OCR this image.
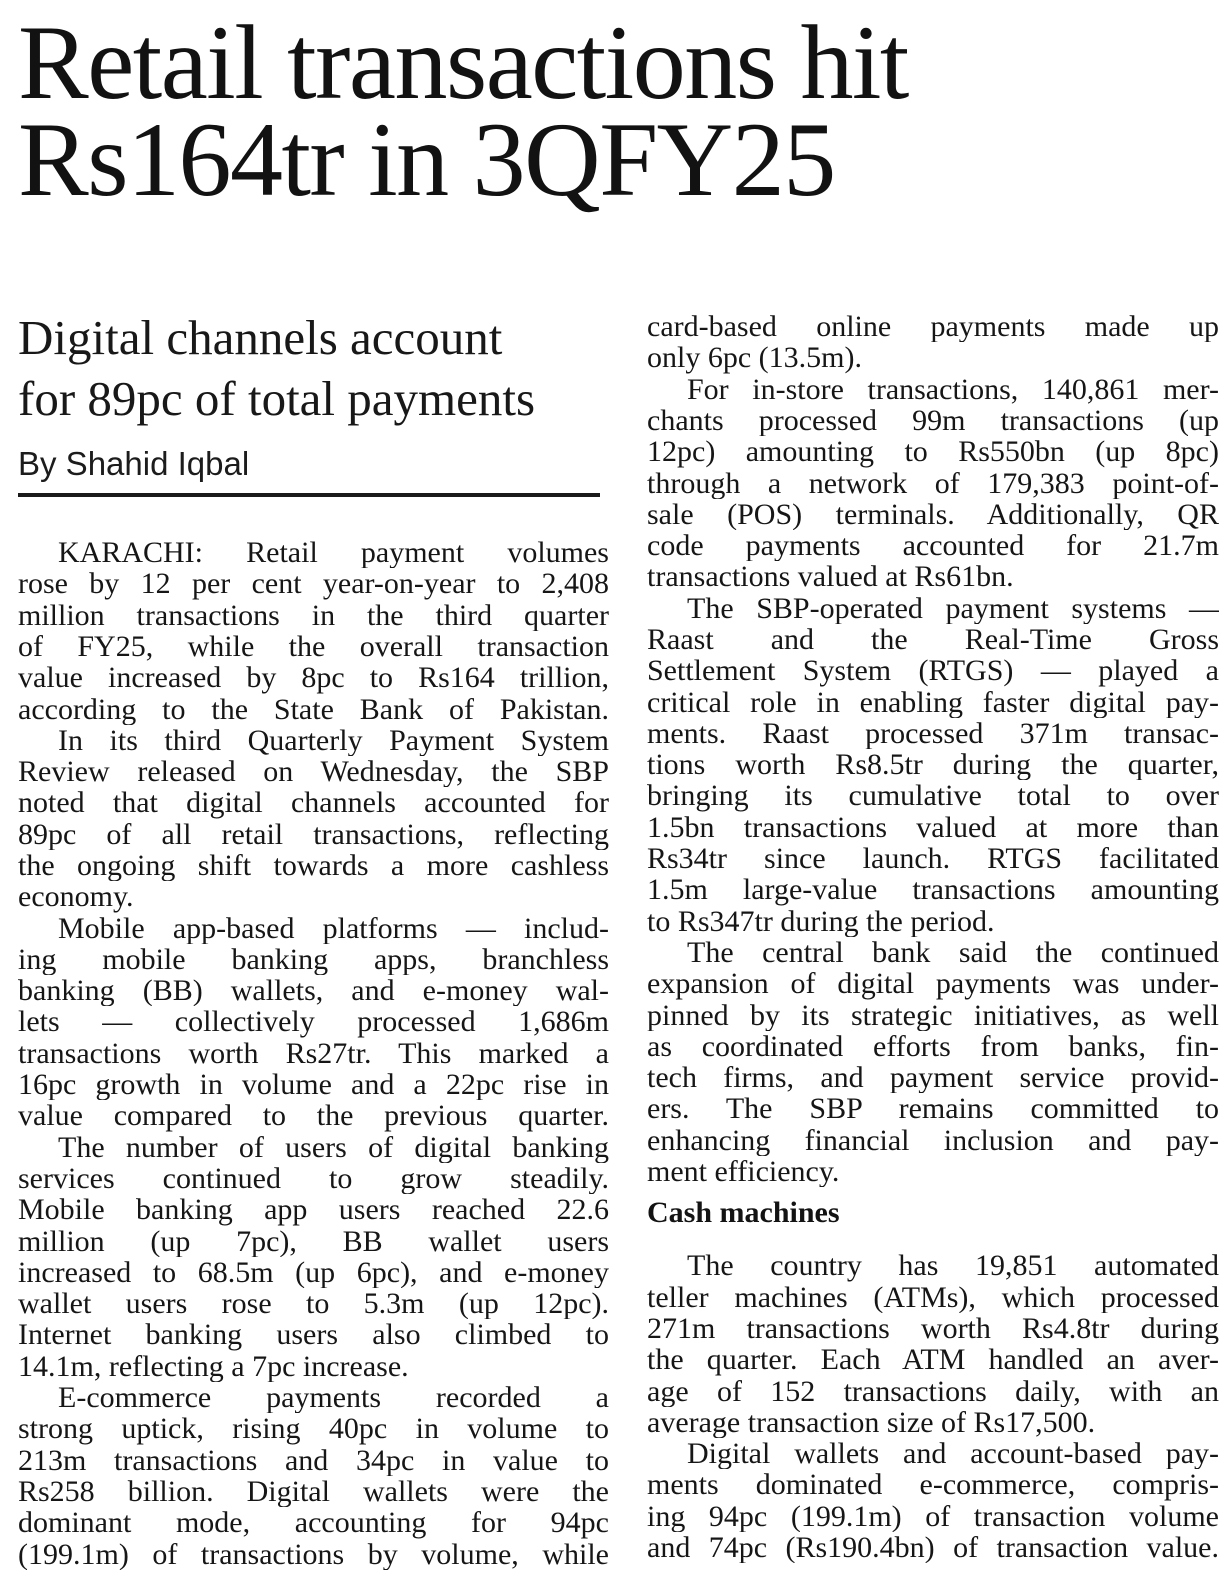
Retail transactions hit
Rs164tr in 3QFY25
Digital channels account
for 89pc of total payments
By Shahid Iqbal
KARACHI: Retail payment volumes
rose by 12 per cent year-on-year to 2,408
million transactions in the third quarter
of FY25, while the overall transaction
value increased by 8pc to Rs164 trillion,
according to the State Bank of Pakistan.
In its third Quarterly Payment System
Review released on Wednesday, the SBP
noted that digital channels accounted for
89pc of all retail transactions, reflecting
the ongoing shift towards a more cashless
economy.
Mobile app-based platforms — includ-
ing mobile banking apps, branchless
banking (BB) wallets, and e-money wal-
lets — collectively processed 1,686m
transactions worth Rs27tr. This marked a
16pc growth in volume and a 22pc rise in
value compared to the previous quarter.
The number of users of digital banking
services continued to grow steadily.
Mobile banking app users reached 22.6
million (up 7pc), BB wallet users
increased to 68.5m (up 6pc), and e-money
wallet users rose to 5.3m (up 12pc).
Internet banking users also climbed to
14.1m, reflecting a 7pc increase.
E-commerce payments recorded a
strong uptick, rising 40pc in volume to
213m transactions and 34pc in value to
Rs258 billion. Digital wallets were the
dominant mode, accounting for 94pc
(199.1m) of transactions by volume, while
card-based online payments made up
only 6pc (13.5m).
For in-store transactions, 140,861 mer-
chants processed 99m transactions (up
12pc) amounting to Rs550bn (up 8pc)
through a network of 179,383 point-of-
sale (POS) terminals. Additionally, QR
code payments accounted for 21.7m
transactions valued at Rs61bn.
The SBP-operated payment systems —
Raast and the Real-Time Gross
Settlement System (RTGS) — played a
critical role in enabling faster digital pay-
ments. Raast processed 371m transac-
tions worth Rs8.5tr during the quarter,
bringing its cumulative total to over
1.5bn transactions valued at more than
Rs34tr since launch. RTGS facilitated
1.5m large-value transactions amounting
to Rs347tr during the period.
The central bank said the continued
expansion of digital payments was under-
pinned by its strategic initiatives, as well
as coordinated efforts from banks, fin-
tech firms, and payment service provid-
ers. The SBP remains committed to
enhancing financial inclusion and pay-
ment efficiency.
Cash machines
The country has 19,851 automated
teller machines (ATMs), which processed
271m transactions worth Rs4.8tr during
the quarter. Each ATM handled an aver-
age of 152 transactions daily, with an
average transaction size of Rs17,500.
Digital wallets and account-based pay-
ments dominated e-commerce, compris-
ing 94pc (199.1m) of transaction volume
and 74pc (Rs190.4bn) of transaction value.
